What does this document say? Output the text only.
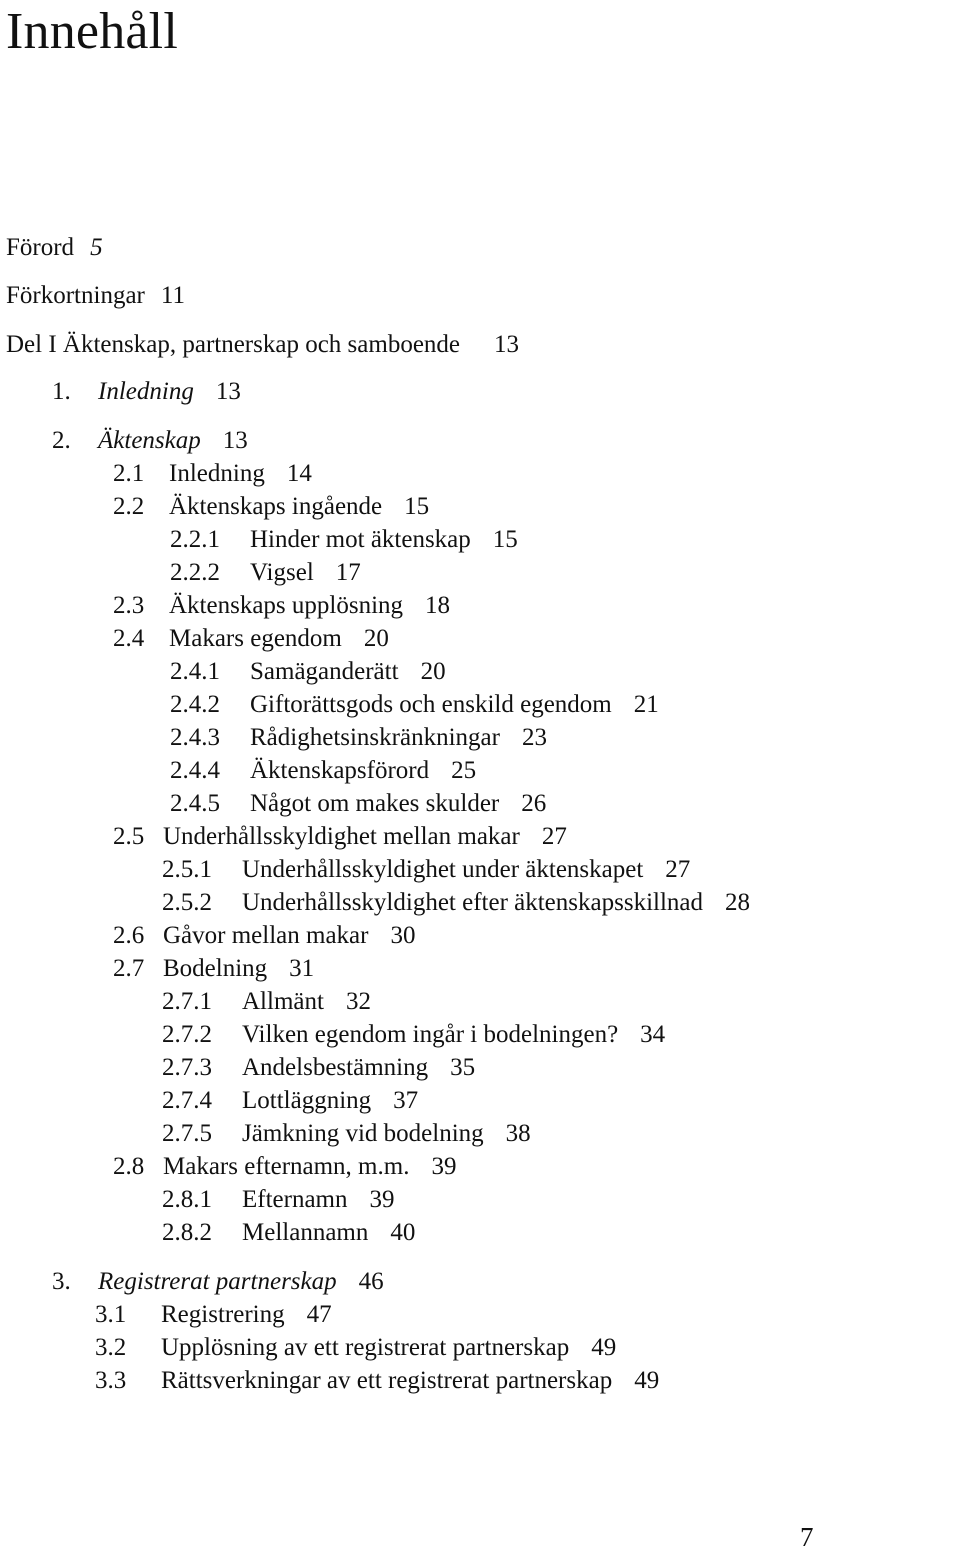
Innehåll
Förord 5
Förkortningar 11
Del I Äktenskap, partnerskap och samboende 13
1. Inledning 13
2. Äktenskap 13
2.1 Inledning 14
2.2 Äktenskaps ingående 15
2.2.1 Hinder mot äktenskap 15
2.2.2 Vigsel 17
2.3 Äktenskaps upplösning 18
2.4 Makars egendom 20
2.4.1 Samäganderätt 20
2.4.2 Giftorättsgods och enskild egendom 21
2.4.3 Rådighetsinskränkningar 23
2.4.4 Äktenskapsförord 25
2.4.5 Något om makes skulder 26
2.5 Underhållsskyldighet mellan makar 27
2.5.1 Underhållsskyldighet under äktenskapet 27
2.5.2 Underhållsskyldighet efter äktenskapsskillnad 28
2.6 Gåvor mellan makar 30
2.7 Bodelning 31
2.7.1 Allmänt 32
2.7.2 Vilken egendom ingår i bodelningen? 34
2.7.3 Andelsbestämning 35
2.7.4 Lottläggning 37
2.7.5 Jämkning vid bodelning 38
2.8 Makars efternamn, m.m. 39
2.8.1 Efternamn 39
2.8.2 Mellannamn 40
3. Registrerat partnerskap 46
3.1 Registrering 47
3.2 Upplösning av ett registrerat partnerskap 49
3.3 Rättsverkningar av ett registrerat partnerskap 49
7
